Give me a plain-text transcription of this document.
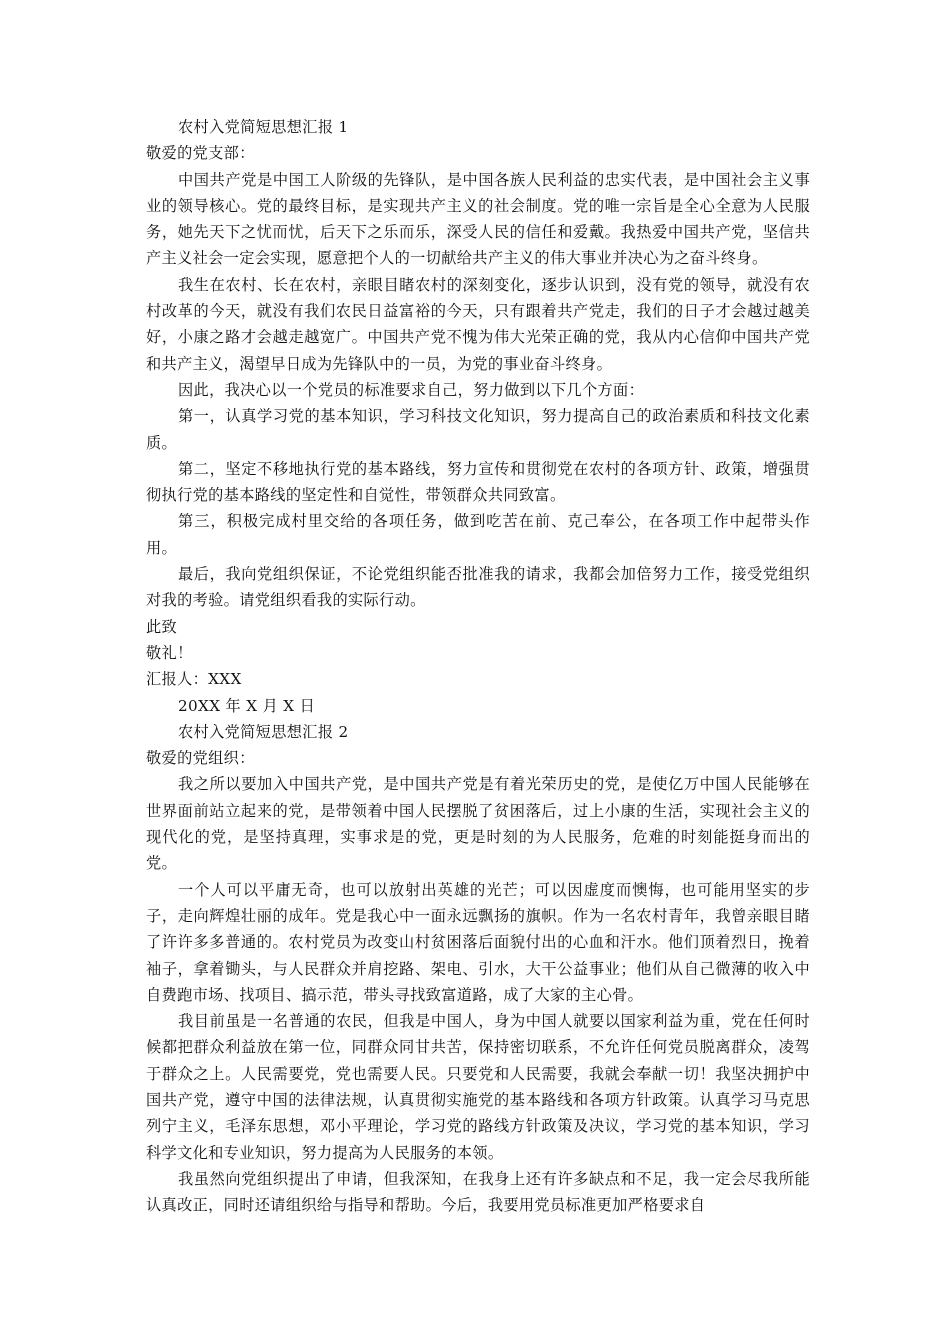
农村入党简短思想汇报 1
敬爱的党支部：

中国共产党是中国工人阶级的先锋队，是中国各族人民利益的忠实代表，是中国社会主义事业的领导核心。党的最终目标，是实现共产主义的社会制度。党的唯一宗旨是全心全意为人民服务，她先天下之忧而忧，后天下之乐而乐，深受人民的信任和爱戴。我热爱中国共产党，坚信共产主义社会一定会实现，愿意把个人的一切献给共产主义的伟大事业并决心为之奋斗终身。

我生在农村、长在农村，亲眼目睹农村的深刻变化，逐步认识到，没有党的领导，就没有农村改革的今天，就没有我们农民日益富裕的今天，只有跟着共产党走，我们的日子才会越过越美好，小康之路才会越走越宽广。中国共产党不愧为伟大光荣正确的党，我从内心信仰中国共产党和共产主义，渴望早日成为先锋队中的一员，为党的事业奋斗终身。

因此，我决心以一个党员的标准要求自己，努力做到以下几个方面：

第一，认真学习党的基本知识，学习科技文化知识，努力提高自己的政治素质和科技文化素质。

第二，坚定不移地执行党的基本路线，努力宣传和贯彻党在农村的各项方针、政策，增强贯彻执行党的基本路线的坚定性和自觉性，带领群众共同致富。

第三，积极完成村里交给的各项任务，做到吃苦在前、克己奉公，在各项工作中起带头作用。

最后，我向党组织保证，不论党组织能否批准我的请求，我都会加倍努力工作，接受党组织对我的考验。请党组织看我的实际行动。

此致
敬礼！
汇报人：XXX
20XX 年 X 月 X 日
农村入党简短思想汇报 2
敬爱的党组织：

我之所以要加入中国共产党，是中国共产党是有着光荣历史的党，是使亿万中国人民能够在世界面前站立起来的党，是带领着中国人民摆脱了贫困落后，过上小康的生活，实现社会主义的现代化的党，是坚持真理，实事求是的党，更是时刻的为人民服务，危难的时刻能挺身而出的党。

一个人可以平庸无奇，也可以放射出英雄的光芒；可以因虚度而懊悔，也可能用坚实的步子，走向辉煌壮丽的成年。党是我心中一面永远飘扬的旗帜。作为一名农村青年，我曾亲眼目睹了许许多多普通的。农村党员为改变山村贫困落后面貌付出的心血和汗水。他们顶着烈日，挽着袖子，拿着锄头，与人民群众并肩挖路、架电、引水，大干公益事业；他们从自己微薄的收入中自费跑市场、找项目、搞示范，带头寻找致富道路，成了大家的主心骨。

我目前虽是一名普通的农民，但我是中国人，身为中国人就要以国家利益为重，党在任何时候都把群众利益放在第一位，同群众同甘共苦，保持密切联系，不允许任何党员脱离群众，凌驾于群众之上。人民需要党，党也需要人民。只要党和人民需要，我就会奉献一切！我坚决拥护中国共产党，遵守中国的法律法规，认真贯彻实施党的基本路线和各项方针政策。认真学习马克思列宁主义，毛泽东思想，邓小平理论，学习党的路线方针政策及决议，学习党的基本知识，学习科学文化和专业知识，努力提高为人民服务的本领。

我虽然向党组织提出了申请，但我深知，在我身上还有许多缺点和不足，我一定会尽我所能认真改正，同时还请组织给与指导和帮助。今后，我要用党员标准更加严格要求自
